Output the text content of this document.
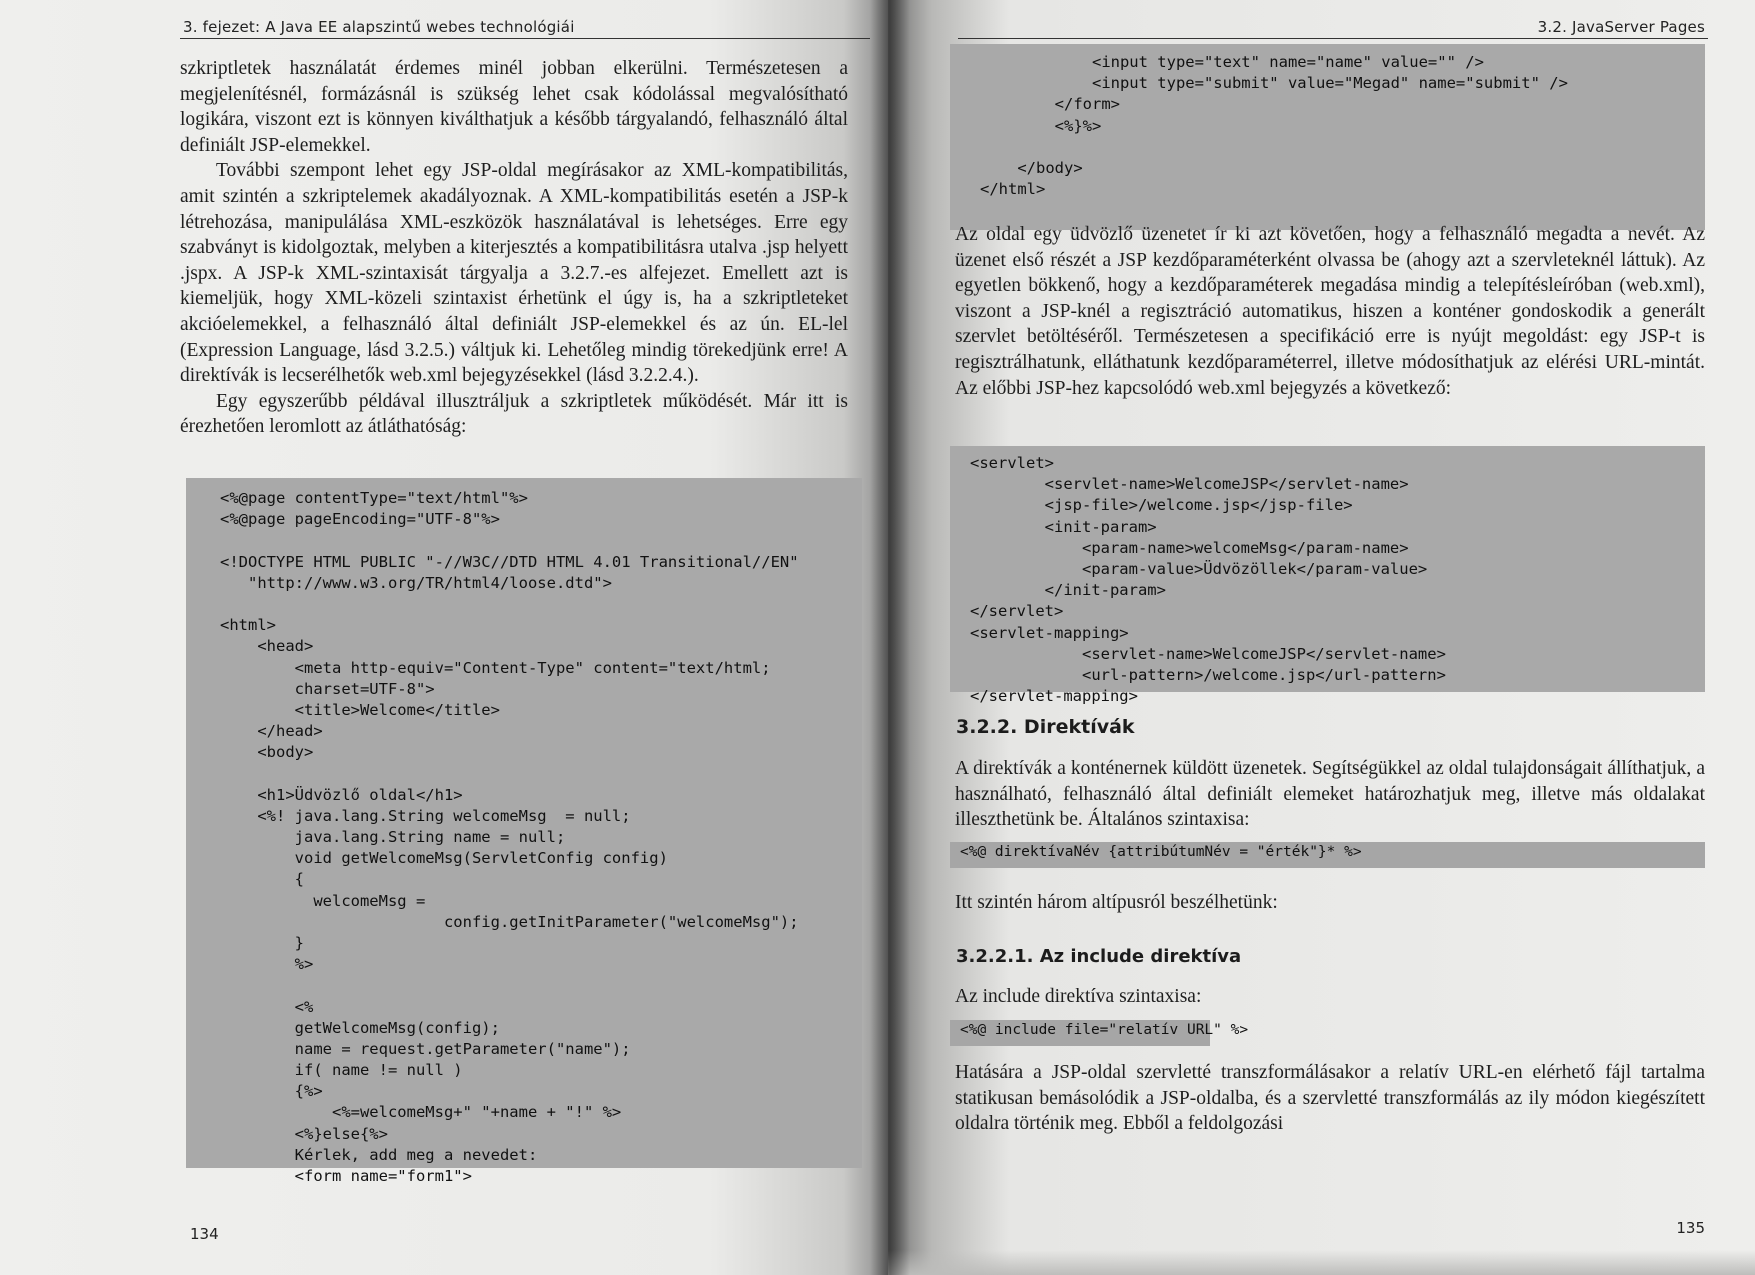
3. fejezet: A Java EE alapszintű webes technológiái

szkriptletek használatát érdemes minél jobban elkerülni. Természetesen a megjelenítésnél, formázásnál is szükség lehet csak kódolással megvalósítható logikára, viszont ezt is könnyen kiválthatjuk a később tárgyalandó, felhasználó által definiált JSP-elemekkel.

További szempont lehet egy JSP-oldal megírásakor az XML-kompatibilitás, amit szintén a szkriptelemek akadályoznak. A XML-kompatibilitás esetén a JSP-k létrehozása, manipulálása XML-eszközök használatával is lehetséges. Erre egy szabványt is kidolgoztak, melyben a kiterjesztés a kompatibilitásra utalva .jsp helyett .jspx. A JSP-k XML-szintaxisát tárgyalja a 3.2.7.-es alfejezet. Emellett azt is kiemeljük, hogy XML-közeli szintaxist érhetünk el úgy is, ha a szkriptleteket akcióelemekkel, a felhasználó által definiált JSP-elemekkel és az ún. EL-lel (Expression Language, lásd 3.2.5.) váltjuk ki. Lehetőleg mindig törekedjünk erre! A direktívák is lecserélhetők web.xml bejegyzésekkel (lásd 3.2.2.4.).

Egy egyszerűbb példával illusztráljuk a szkriptletek működését. Már itt is érezhetően leromlott az átláthatóság:

<%@page contentType="text/html"%>
<%@page pageEncoding="UTF-8"%>
<!DOCTYPE HTML PUBLIC "-//W3C//DTD HTML 4.01 Transitional//EN"
"http://www.w3.org/TR/html4/loose.dtd">
<html>
<head>
<meta http-equiv="Content-Type" content="text/html;
charset=UTF-8">
<title>Welcome</title>
</head>
<body>
<h1>Üdvözlő oldal</h1>
<%! java.lang.String welcomeMsg  = null;
java.lang.String name = null;
void getWelcomeMsg(ServletConfig config)
{
welcomeMsg =
config.getInitParameter("welcomeMsg");
}
%>
<%
getWelcomeMsg(config);
name = request.getParameter("name");
if( name != null )
{%>
<%=welcomeMsg+" "+name + "!" %>
<%}else{%>
Kérlek, add meg a nevedet:
<form name="form1">
134
3.2. JavaServer Pages
<input type="text" name="name" value="" />
<input type="submit" value="Megad" name="submit" />
</form>
<%}%>
</body>
</html>
Az oldal egy üdvözlő üzenetet ír ki azt követően, hogy a felhasználó megadta a nevét. Az üzenet első részét a JSP kezdőparaméterként olvassa be (ahogy azt a szervleteknél láttuk). Az egyetlen bökkenő, hogy a kezdőparaméterek megadása mindig a telepítésleíróban (web.xml), viszont a JSP-knél a regisztráció automatikus, hiszen a konténer gondoskodik a generált szervlet betöltéséről. Természetesen a specifikáció erre is nyújt megoldást: egy JSP-t is regisztrálhatunk, elláthatunk kezdőparaméterrel, illetve módosíthatjuk az elérési URL-mintát. Az előbbi JSP-hez kapcsolódó web.xml bejegyzés a következő:
<servlet>
<servlet-name>WelcomeJSP</servlet-name>
<jsp-file>/welcome.jsp</jsp-file>
<init-param>
<param-name>welcomeMsg</param-name>
<param-value>Üdvözöllek</param-value>
</init-param>
</servlet>
<servlet-mapping>
<servlet-name>WelcomeJSP</servlet-name>
<url-pattern>/welcome.jsp</url-pattern>
</servlet-mapping>
3.2.2. Direktívák
A direktívák a konténernek küldött üzenetek. Segítségükkel az oldal tulajdonságait állíthatjuk, a használható, felhasználó által definiált elemeket határozhatjuk meg, illetve más oldalakat illeszthetünk be. Általános szintaxisa:
<%@ direktívaNév {attribútumNév = "érték"}* %>
Itt szintén három altípusról beszélhetünk:
3.2.2.1. Az include direktíva
Az include direktíva szintaxisa:
<%@ include file="relatív URL" %>
Hatására a JSP-oldal szervletté transzformálásakor a relatív URL-en elérhető fájl tartalma statikusan bemásolódik a JSP-oldalba, és a szervletté transzformálás az ily módon kiegészített oldalra történik meg. Ebből a feldolgozási
135
